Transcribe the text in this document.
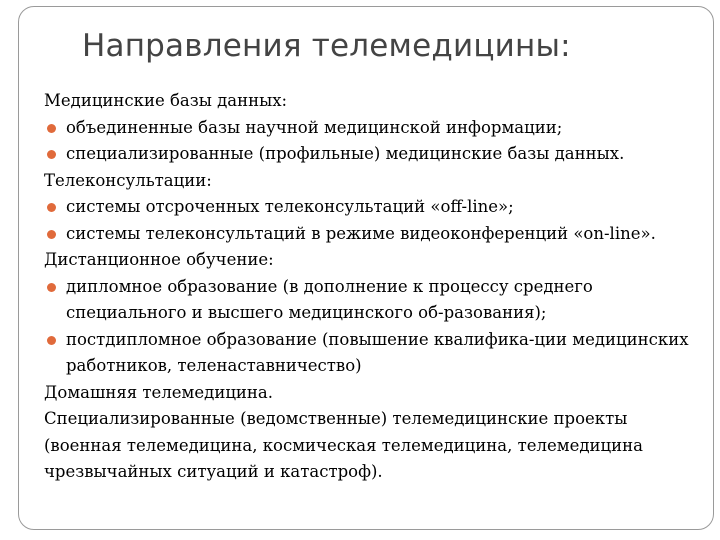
Направления телемедицины:

Медицинские базы данных:

объединенные базы научной медицинской информации;
специализированные (профильные) медицинские базы данных.

Телеконсультации:

системы отсроченных телеконсультаций «off-line»;
системы телеконсультаций в режиме видеоконференций «on-line».

Дистанционное обучение:

дипломное образование (в дополнение к процессу среднего специального и высшего медицинского об-разования);
постдипломное образование (повышение квалифика-ции медицинских работников, теленаставничество)

Домашняя телемедицина.

Специализированные (ведомственные) телемедицинские проекты (военная телемедицина, космическая телемедицина, телемедицина чрезвычайных ситуаций и катастроф).
